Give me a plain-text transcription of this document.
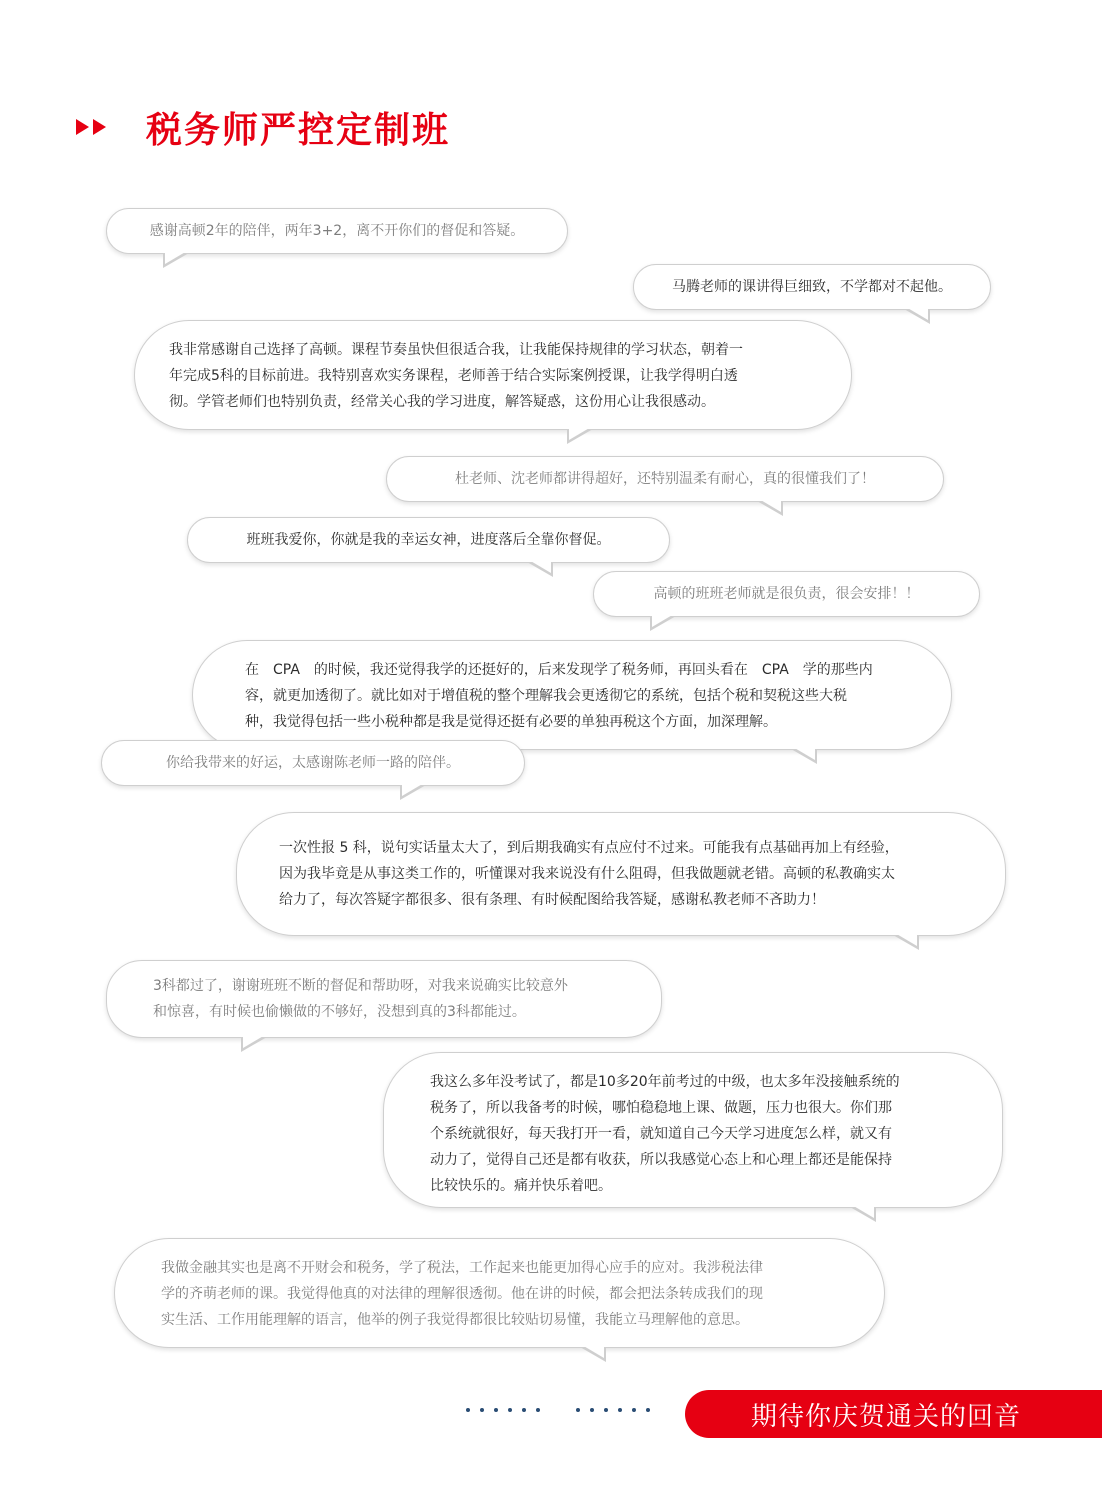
税务师严控定制班
感谢高顿2年的陪伴，两年3+2，离不开你们的督促和答疑。
马腾老师的课讲得巨细致，不学都对不起他。
我非常感谢自己选择了高顿。课程节奏虽快但很适合我，让我能保持规律的学习状态，朝着一
年完成5科的目标前进。我特别喜欢实务课程，老师善于结合实际案例授课，让我学得明白透
彻。学管老师们也特别负责，经常关心我的学习进度，解答疑惑，这份用心让我很感动。
杜老师、沈老师都讲得超好，还特别温柔有耐心，真的很懂我们了！
班班我爱你，你就是我的幸运女神，进度落后全靠你督促。
高顿的班班老师就是很负责，很会安排！！
在　CPA　的时候，我还觉得我学的还挺好的，后来发现学了税务师，再回头看在　CPA　学的那些内
容，就更加透彻了。就比如对于增值税的整个理解我会更透彻它的系统，包括个税和契税这些大税
种，我觉得包括一些小税种都是我是觉得还挺有必要的单独再税这个方面，加深理解。
你给我带来的好运，太感谢陈老师一路的陪伴。
一次性报 5 科，说句实话量太大了，到后期我确实有点应付不过来。可能我有点基础再加上有经验，
因为我毕竟是从事这类工作的，听懂课对我来说没有什么阻碍，但我做题就老错。高顿的私教确实太
给力了，每次答疑字都很多、很有条理、有时候配图给我答疑，感谢私教老师不吝助力！
3科都过了，谢谢班班不断的督促和帮助呀，对我来说确实比较意外
和惊喜，有时候也偷懒做的不够好，没想到真的3科都能过。
我这么多年没考试了，都是10多20年前考过的中级，也太多年没接触系统的
税务了，所以我备考的时候，哪怕稳稳地上课、做题，压力也很大。你们那
个系统就很好，每天我打开一看，就知道自己今天学习进度怎么样，就又有
动力了，觉得自己还是都有收获，所以我感觉心态上和心理上都还是能保持
比较快乐的。痛并快乐着吧。
我做金融其实也是离不开财会和税务，学了税法，工作起来也能更加得心应手的应对。我涉税法律
学的齐萌老师的课。我觉得他真的对法律的理解很透彻。他在讲的时候，都会把法条转成我们的现
实生活、工作用能理解的语言，他举的例子我觉得都很比较贴切易懂，我能立马理解他的意思。
期待你庆贺通关的回音
